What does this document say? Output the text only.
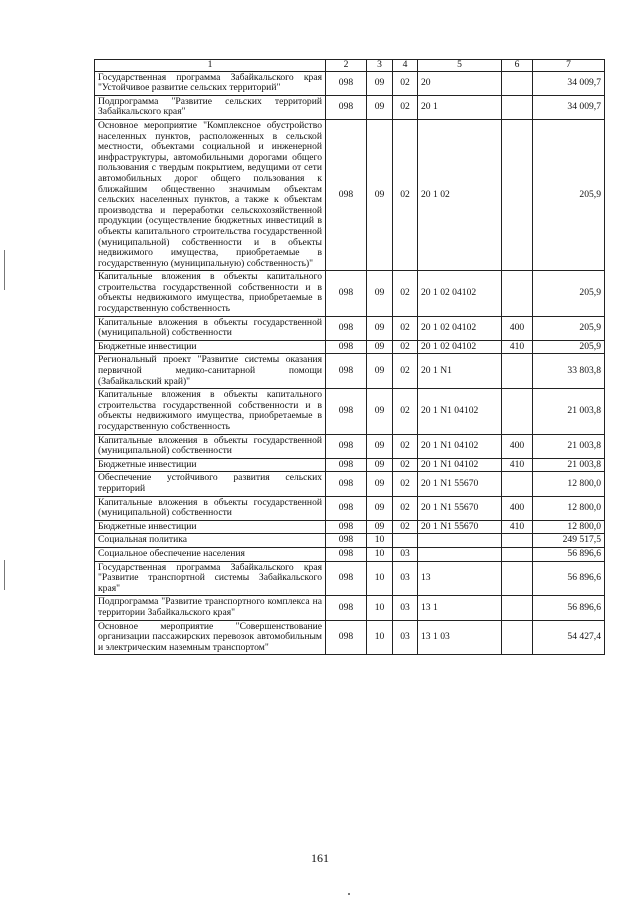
1	2	3	4	5	6	7
Государственная программа Забайкальского края "Устойчивое развитие сельских территорий"	098	09	02	20		34 009,7
Подпрограмма "Развитие сельских территорий Забайкальского края"	098	09	02	20 1		34 009,7
Основное мероприятие "Комплексное обустройство населенных пунктов, расположенных в сельской местности, объектами социальной и инженерной инфраструктуры, автомобильными дорогами общего пользования с твердым покрытием, ведущими от сети автомобильных дорог общего пользования к ближайшим общественно значимым объектам сельских населенных пунктов, а также к объектам производства и переработки сельскохозяйственной продукции (осуществление бюджетных инвестиций в объекты капитального строительства государственной (муниципальной) собственности и в объекты недвижимого имущества, приобретаемые в государственную (муниципальную) собственность)"	098	09	02	20 1 02		205,9
Капитальные вложения в объекты капитального строительства государственной собственности и в объекты недвижимого имущества, приобретаемые в государственную собственность	098	09	02	20 1 02 04102		205,9
Капитальные вложения в объекты государственной (муниципальной) собственности	098	09	02	20 1 02 04102	400	205,9
Бюджетные инвестиции	098	09	02	20 1 02 04102	410	205,9
Региональный проект "Развитие системы оказания первичной медико-санитарной помощи (Забайкальский край)"	098	09	02	20 1 N1		33 803,8
Капитальные вложения в объекты капитального строительства государственной собственности и в объекты недвижимого имущества, приобретаемые в государственную собственность	098	09	02	20 1 N1 04102		21 003,8
Капитальные вложения в объекты государственной (муниципальной) собственности	098	09	02	20 1 N1 04102	400	21 003,8
Бюджетные инвестиции	098	09	02	20 1 N1 04102	410	21 003,8
Обеспечение устойчивого развития сельских территорий	098	09	02	20 1 N1 55670		12 800,0
Капитальные вложения в объекты государственной (муниципальной) собственности	098	09	02	20 1 N1 55670	400	12 800,0
Бюджетные инвестиции	098	09	02	20 1 N1 55670	410	12 800,0
Социальная политика	098	10				249 517,5
Социальное обеспечение населения	098	10	03			56 896,6
Государственная программа Забайкальского края "Развитие транспортной системы Забайкальского края"	098	10	03	13		56 896,6
Подпрограмма "Развитие транспортного комплекса на территории Забайкальского края"	098	10	03	13 1		56 896,6
Основное мероприятие "Совершенствование организации пассажирских перевозок автомобильным и электрическим наземным транспортом"	098	10	03	13 1 03		54 427,4
161
